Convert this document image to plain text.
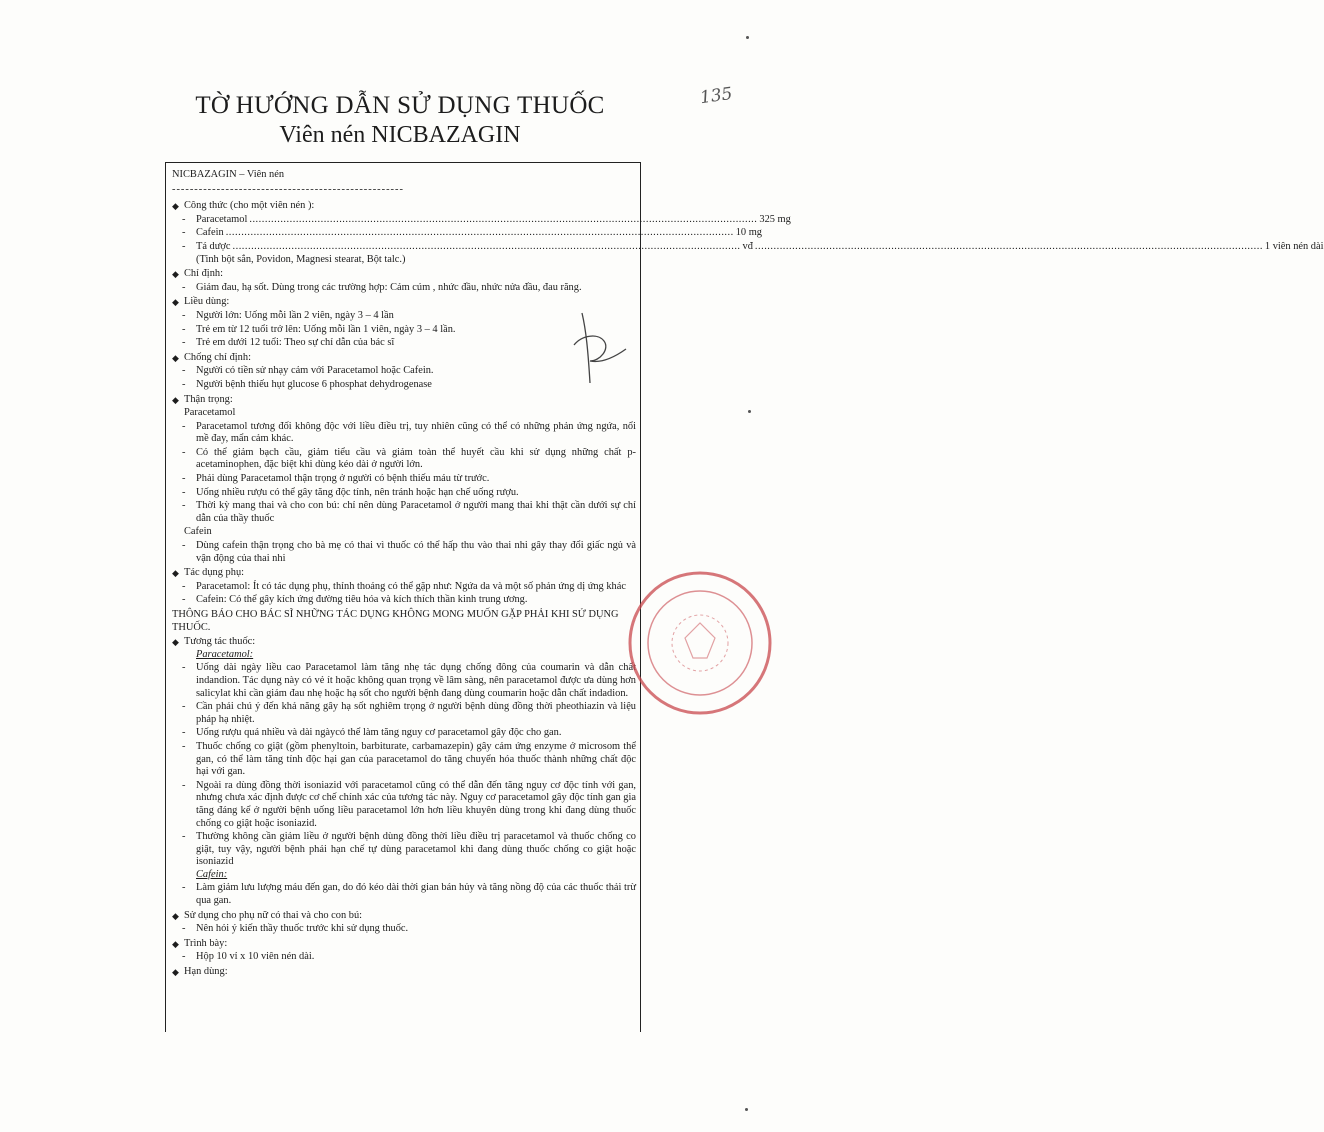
135
TỜ HƯỚNG DẪN SỬ DỤNG THUỐC
Viên nén NICBAZAGIN
NICBAZAGIN – Viên nén
----------------------------------------------------
◆ Công thức (cho một viên nén ):
- Paracetamol .....	325 mg
- Cafein .....	10 mg
- Tá dược .....	vđ .....	1 viên nén dài
(Tinh bột sắn, Povidon, Magnesi stearat, Bột talc.)
◆ Chỉ định:
- Giảm đau, hạ sốt. Dùng trong các trường hợp: Cảm cúm , nhức đầu, nhức nửa đầu, đau răng.
◆ Liều dùng:
- Người lớn: Uống mỗi lần 2 viên, ngày 3 – 4 lần
- Trẻ em từ 12 tuổi trở lên: Uống mỗi lần 1 viên, ngày 3 – 4 lần.
- Trẻ em dưới 12 tuổi: Theo sự chỉ dẫn của bác sĩ
◆ Chống chỉ định:
- Người có tiền sử nhạy cảm với Paracetamol hoặc Cafein.
- Người bệnh thiếu hụt glucose 6 phosphat dehydrogenase
◆ Thận trọng:
Paracetamol
- Paracetamol tương đối không độc với liều điều trị, tuy nhiên cũng có thể có những phản ứng ngứa, nổi mề đay, mẩn cảm khác.
- Có thể giảm bạch cầu, giảm tiểu cầu và giảm toàn thể huyết cầu khi sử dụng những chất p-acetaminophen, đặc biệt khi dùng kéo dài ở người lớn.
- Phải dùng Paracetamol thận trọng ở người có bệnh thiếu máu từ trước.
- Uống nhiều rượu có thể gây tăng độc tính, nên tránh hoặc hạn chế uống rượu.
- Thời kỳ mang thai và cho con bú: chỉ nên dùng Paracetamol ở người mang thai khi thật cần dưới sự chỉ dẫn của thầy thuốc
Cafein
- Dùng cafein thận trọng cho bà mẹ có thai vì thuốc có thể hấp thu vào thai nhi gây thay đổi giấc ngủ và vận động của thai nhi
◆ Tác dụng phụ:
- Paracetamol: Ít có tác dụng phụ, thỉnh thoảng có thể gặp như: Ngứa da và một số phản ứng dị ứng khác
- Cafein: Có thể gây kích ứng đường tiêu hóa và kích thích thần kinh trung ương.
THÔNG BÁO CHO BÁC SĨ NHỮNG TÁC DỤNG KHÔNG MONG MUỐN GẶP PHẢI KHI SỬ DỤNG THUỐC.
◆ Tương tác thuốc:
Paracetamol:
- Uống dài ngày liều cao Paracetamol làm tăng nhẹ tác dụng chống đông của coumarin và dẫn chất indandion. Tác dụng này có vẻ ít hoặc không quan trọng về lâm sàng, nên paracetamol được ưa dùng hơn salicylat khi cần giảm đau nhẹ hoặc hạ sốt cho người bệnh đang dùng coumarin hoặc dẫn chất indadion.
- Cần phải chú ý đến khả năng gây hạ sốt nghiêm trọng ở người bệnh dùng đồng thời pheothiazin và liệu pháp hạ nhiệt.
- Uống rượu quá nhiều và dài ngàycó thể làm tăng nguy cơ paracetamol gây độc cho gan.
- Thuốc chống co giật (gồm phenyltoin, barbiturate, carbamazepin) gây cảm ứng enzyme ở microsom thể gan, có thể làm tăng tính độc hại gan của paracetamol do tăng chuyển hóa thuốc thành những chất độc hại với gan.
- Ngoài ra dùng đồng thời isoniazid với paracetamol cũng có thể dẫn đến tăng nguy cơ độc tính với gan, nhưng chưa xác định được cơ chế chính xác của tương tác này. Nguy cơ paracetamol gây độc tính gan gia tăng đáng kể ở người bệnh uống liều paracetamol lớn hơn liều khuyên dùng trong khi đang dùng thuốc chống co giật hoặc isoniazid.
- Thường không cần giảm liều ở người bệnh dùng đồng thời liều điều trị paracetamol và thuốc chống co giật, tuy vậy, người bệnh phải hạn chế tự dùng paracetamol khi đang dùng thuốc chống co giật hoặc isoniazid
Cafein:
- Làm giảm lưu lượng máu đến gan, do đó kéo dài thời gian bán hủy và tăng nồng độ của các thuốc thải trừ qua gan.
◆ Sử dụng cho phụ nữ có thai và cho con bú:
- Nên hỏi ý kiến thầy thuốc trước khi sử dụng thuốc.
◆ Trình bày:
- Hộp 10 vỉ x 10 viên nén dài.
◆ Hạn dùng:
